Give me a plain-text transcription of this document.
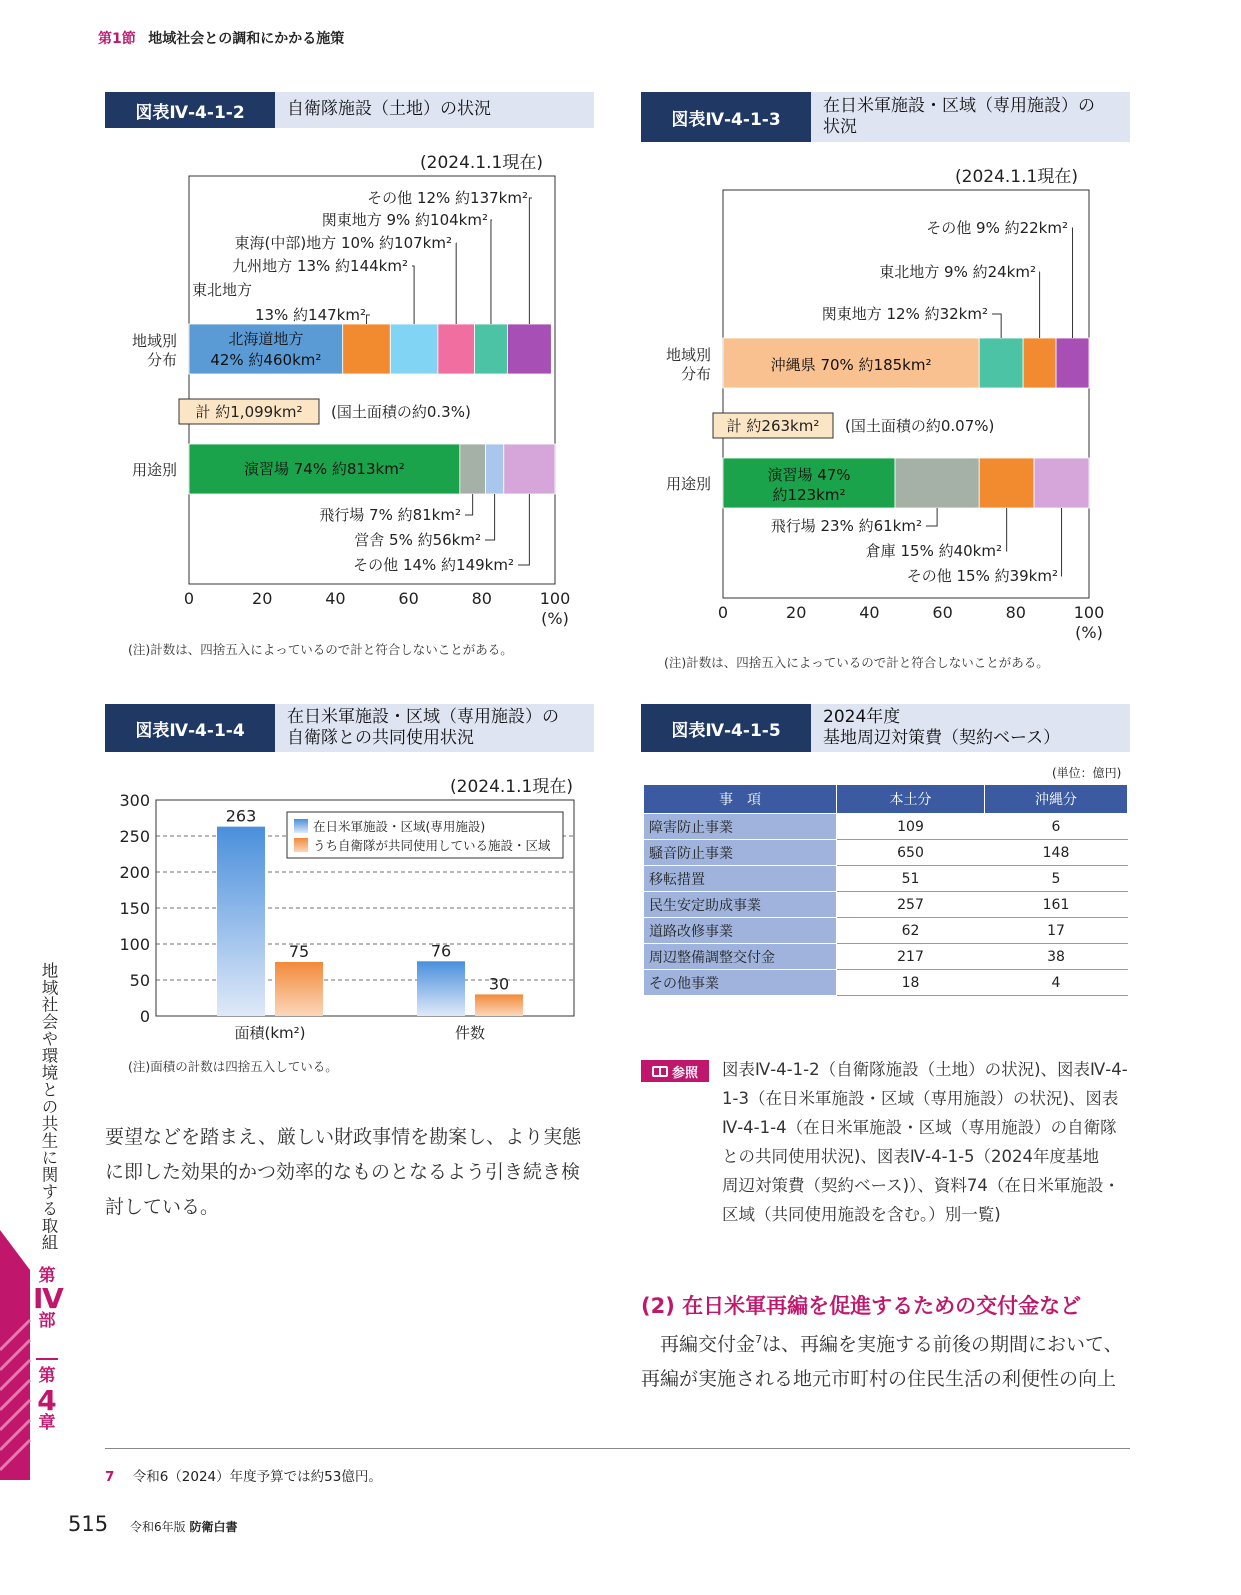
第1節 地域社会との調和にかかる施策
図表Ⅳ-4-1-2	自衛隊施設（土地）の状況
(2024.1.1現在)
0	20	40	60	80	100
(%)
地域別
分布
用途別
計 約1,099km² (国土面積の約0.3%)
北海道地方
42% 約460km²
その他 12% 約137km²
関東地方 9% 約104km²
東海(中部)地方 10% 約107km²
九州地方 13% 約144km²
東北地方
13% 約147km²
演習場 74% 約813km²
飛行場 7% 約81km²
営舎 5% 約56km²
その他 14% 約149km²
(注)計数は、四捨五入によっているので計と符合しないことがある。
図表Ⅳ-4-1-3
在日米軍施設・区域（専用施設）の
状況
(2024.1.1現在)
0	20	40	60	80	100
(%)
地域別
分布
用途別
計 約263km² (国土面積の約0.07%)
沖縄県 70% 約185km²
その他 9% 約22km²
東北地方 9% 約24km²
関東地方 12% 約32km²
演習場 47%
約123km²
飛行場 23% 約61km²
倉庫 15% 約40km²
その他 15% 約39km²
(注)計数は、四捨五入によっているので計と符合しないことがある。
図表Ⅳ-4-1-4
在日米軍施設・区域（専用施設）の
自衛隊との共同使用状況
(2024.1.1現在)
0
50
100
150
200
250
300
263
75
面積(km²)
76
30
件数
在日米軍施設・区域(専用施設)
うち自衛隊が共同使用している施設・区域
(注)面積の計数は四捨五入している。
図表Ⅳ-4-1-5
2024年度
基地周辺対策費（契約ベース）
(単位：億円)
事　項	本土分	沖縄分
障害防止事業	109	6
騒音防止事業	650	148
移転措置	51	5
民生安定助成事業	257	161
道路改修事業	62	17
周辺整備調整交付金	217	38
その他事業	18	4
要望などを踏まえ、厳しい財政事情を勘案し、より実態
に即した効果的かつ効率的なものとなるよう引き続き検
討している。
参照 図表Ⅳ-4-1-2（自衛隊施設（土地）の状況)、図表Ⅳ-4-
1-3（在日米軍施設・区域（専用施設）の状況)、図表
Ⅳ-4-1-4（在日米軍施設・区域（専用施設）の自衛隊
との共同使用状況)、図表Ⅳ-4-1-5（2024年度基地
周辺対策費（契約ベース)）、資料74（在日米軍施設・
区域（共同使用施設を含む。）別一覧)
(2) 在日米軍再編を促進するための交付金など
再編交付金$^7$は、再編を実施する前後の期間において、
再編が実施される地元市町村の住民生活の利便性の向上
7 令和6（2024）年度予算では約53億円。
515 令和6年版 防衛白書
地域社会や環境との共生に関する取組
第
Ⅳ
部
第
4
章
